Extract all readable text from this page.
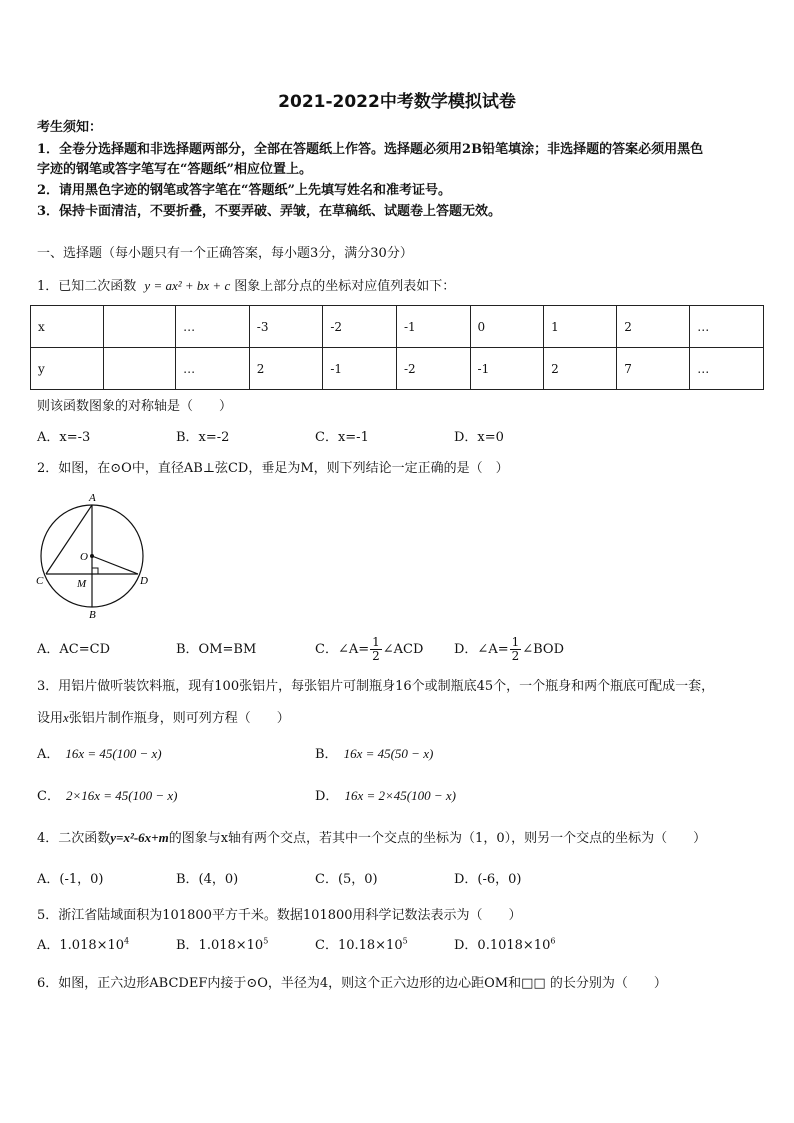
2021-2022中考数学模拟试卷
考生须知：
1．全卷分选择题和非选择题两部分，全部在答题纸上作答。选择题必须用2B铅笔填涂；非选择题的答案必须用黑色
字迹的钢笔或答字笔写在“答题纸”相应位置上。
2．请用黑色字迹的钢笔或答字笔在“答题纸”上先填写姓名和准考证号。
3．保持卡面清洁，不要折叠，不要弄破、弄皱，在草稿纸、试题卷上答题无效。
一、选择题（每小题只有一个正确答案，每小题3分，满分30分）
1．已知二次函数 y = ax² + bx + c 图象上部分点的坐标对应值列表如下：
x		…	-3	-2	-1	0	1	2	…
y		…	2	-1	-2	-1	2	7	…
则该函数图象的对称轴是（　　）
A．x=-3	B．x=-2	C．x=-1	D．x=0
2．如图，在⊙O中，直径AB⊥弦CD，垂足为M，则下列结论一定正确的是（　）
A
O
C	M	D
B
A．AC=CD	B．OM=BM	C．∠A= $\frac{1}{2}$ ∠ACD D．∠A= $\frac{1}{2}$ ∠BOD
3．用铝片做听装饮料瓶，现有100张铝片，每张铝片可制瓶身16个或制瓶底45个，一个瓶身和两个瓶底可配成一套，
设用x张铝片制作瓶身，则可列方程（　　）
A． 16x = 45(100 − x)	B． 16x = 45(50 − x)
C． 2×16x = 45(100 − x)	D． 16x = 2×45(100 − x)
4．二次函数y=x²-6x+m的图象与x轴有两个交点，若其中一个交点的坐标为（1，0），则另一个交点的坐标为（　　）
A．(-1，0)	B．(4，0)	C．(5，0)	D．(-6，0)
5．浙江省陆域面积为101800平方千米。数据101800用科学记数法表示为（　　）
A．$1.018\times 10^4$	B．$1.018\times 10^5$	C．$10.18\times 10^5$	D．$0.1018\times 10^6$
6．如图，正六边形ABCDEF内接于⊙O，半径为4，则这个正六边形的边心距OM和□□ 的长分别为（　　）
